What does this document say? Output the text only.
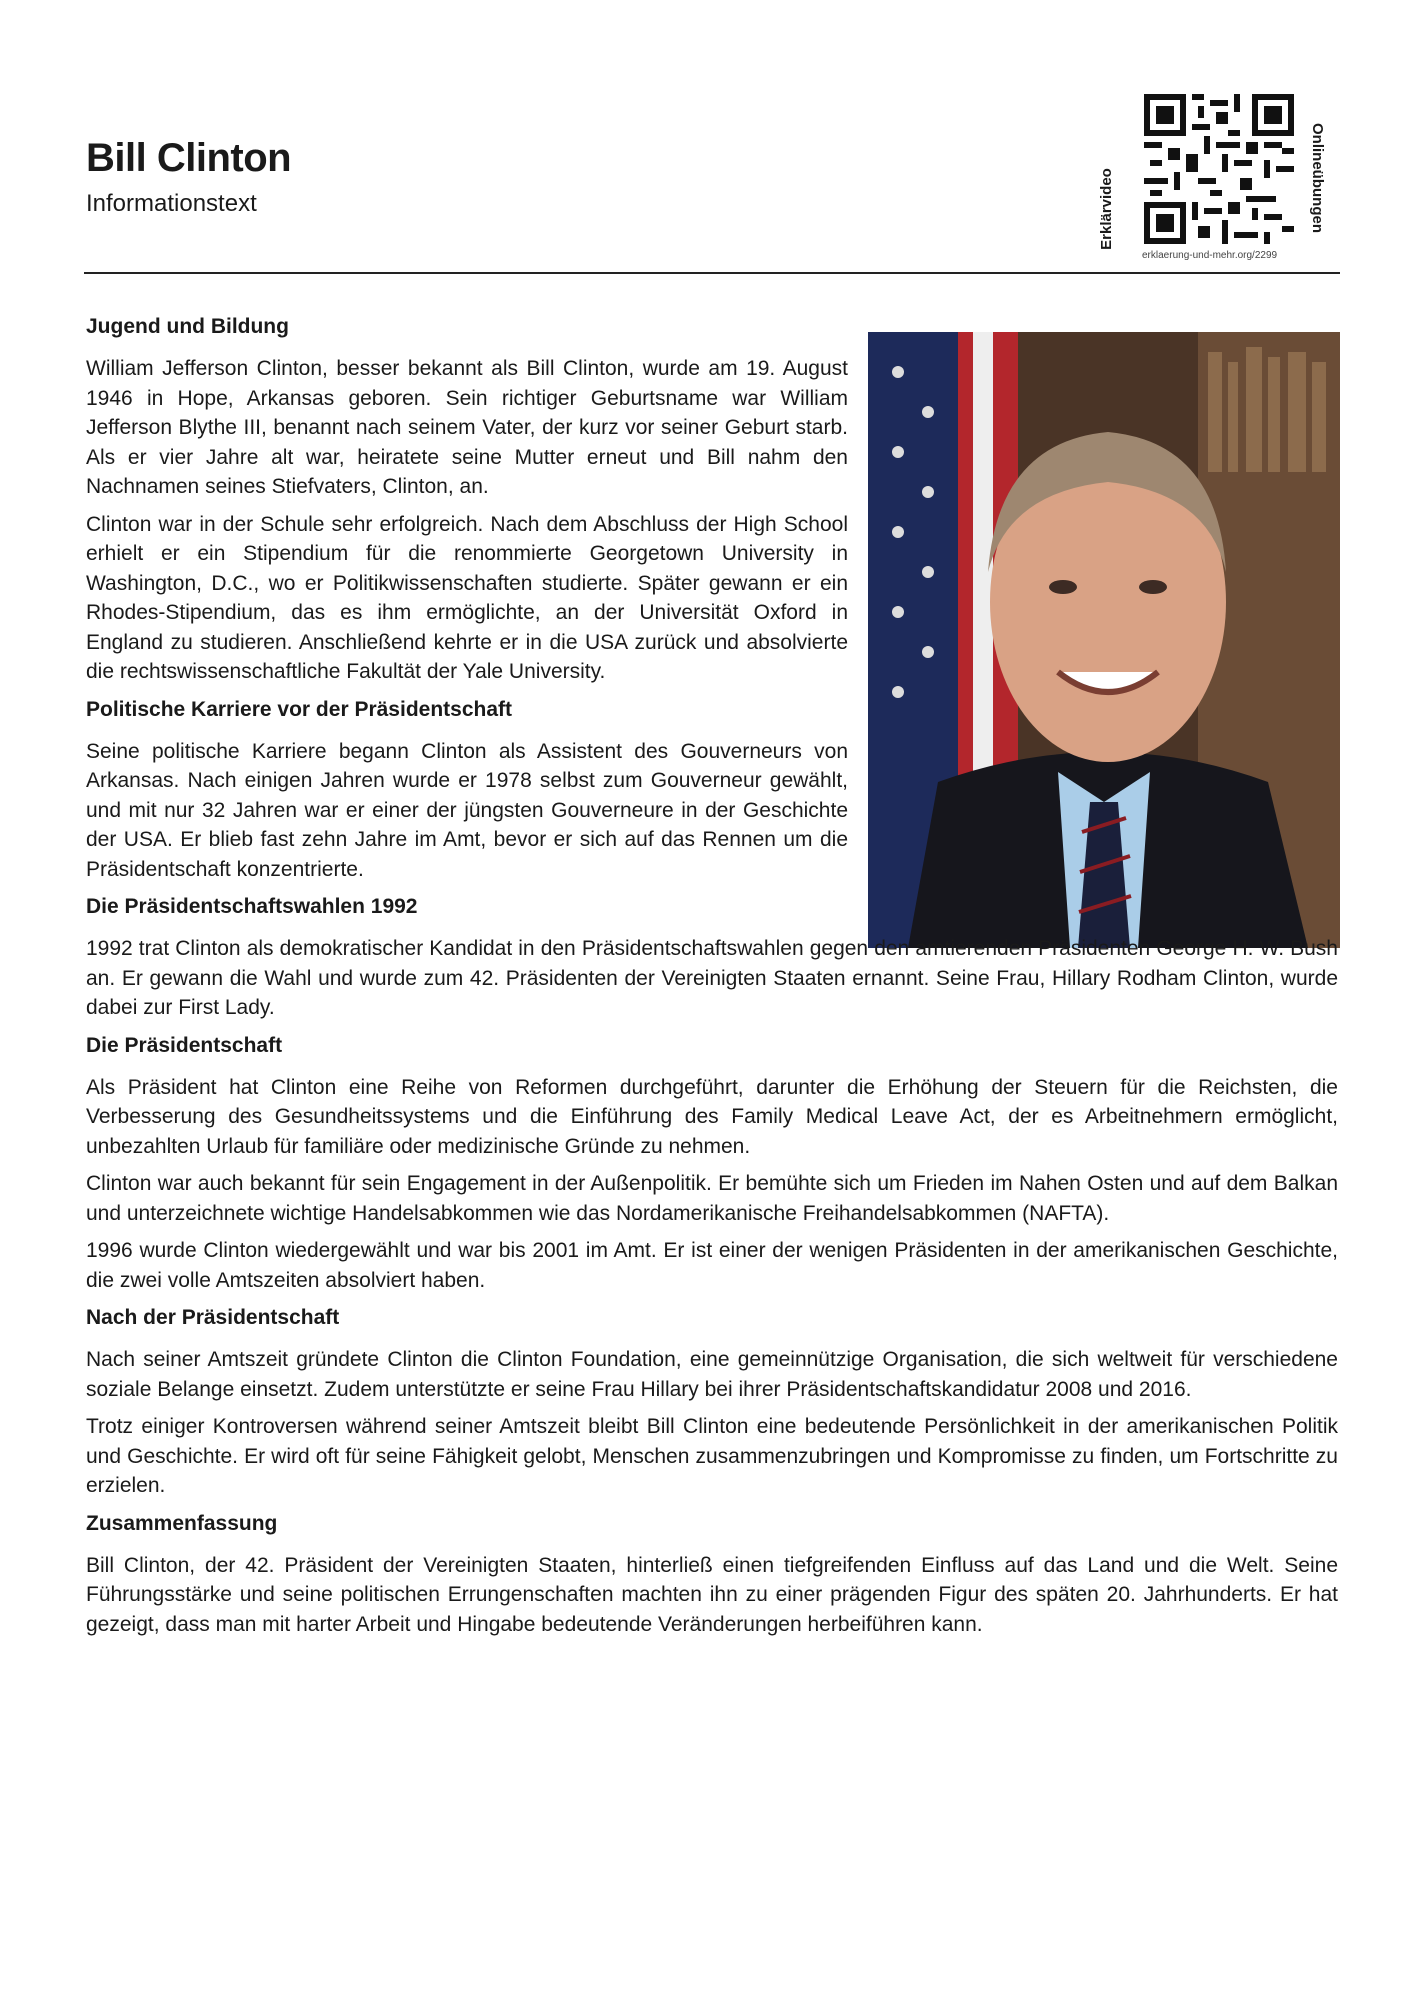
Bill Clinton
Informationstext	Erklärvideo	Onlineübungen
erklaerung-und-mehr.org/2299
Jugend und Bildung

William Jefferson Clinton, besser bekannt als Bill Clinton, wurde am 19. August 1946 in Hope, Arkansas geboren. Sein richtiger Geburtsname war William Jefferson Blythe III, benannt nach seinem Vater, der kurz vor seiner Geburt starb. Als er vier Jahre alt war, heiratete seine Mutter erneut und Bill nahm den Nachnamen seines Stiefvaters, Clinton, an.

Clinton war in der Schule sehr erfolgreich. Nach dem Abschluss der High School erhielt er ein Stipendium für die renommierte Georgetown University in Washington, D.C., wo er Politikwissenschaften studierte. Später gewann er ein Rhodes-Stipendium, das es ihm ermöglichte, an der Universität Oxford in England zu studieren. Anschließend kehrte er in die USA zurück und absolvierte die rechtswissenschaftliche Fakultät der Yale University.

Politische Karriere vor der Präsidentschaft

Seine politische Karriere begann Clinton als Assistent des Gouverneurs von Arkansas. Nach einigen Jahren wurde er 1978 selbst zum Gouverneur gewählt, und mit nur 32 Jahren war er einer der jüngsten Gouverneure in der Geschichte der USA. Er blieb fast zehn Jahre im Amt, bevor er sich auf das Rennen um die Präsidentschaft konzentrierte.

Die Präsidentschaftswahlen 1992

1992 trat Clinton als demokratischer Kandidat in den Präsidentschaftswahlen gegen den amtierenden Präsidenten George H. W. Bush an. Er gewann die Wahl und wurde zum 42. Präsidenten der Vereinigten Staaten ernannt. Seine Frau, Hillary Rodham Clinton, wurde dabei zur First Lady.

Die Präsidentschaft

Als Präsident hat Clinton eine Reihe von Reformen durchgeführt, darunter die Erhöhung der Steuern für die Reichsten, die Verbesserung des Gesundheitssystems und die Einführung des Family Medical Leave Act, der es Arbeitnehmern ermöglicht, unbezahlten Urlaub für familiäre oder medizinische Gründe zu nehmen.

Clinton war auch bekannt für sein Engagement in der Außenpolitik. Er bemühte sich um Frieden im Nahen Osten und auf dem Balkan und unterzeichnete wichtige Handelsabkommen wie das Nordamerikanische Freihandelsabkommen (NAFTA).

1996 wurde Clinton wiedergewählt und war bis 2001 im Amt. Er ist einer der wenigen Präsidenten in der amerikanischen Geschichte, die zwei volle Amtszeiten absolviert haben.

Nach der Präsidentschaft

Nach seiner Amtszeit gründete Clinton die Clinton Foundation, eine gemeinnützige Organisation, die sich weltweit für verschiedene soziale Belange einsetzt. Zudem unterstützte er seine Frau Hillary bei ihrer Präsidentschaftskandidatur 2008 und 2016.

Trotz einiger Kontroversen während seiner Amtszeit bleibt Bill Clinton eine bedeutende Persönlichkeit in der amerikanischen Politik und Geschichte. Er wird oft für seine Fähigkeit gelobt, Menschen zusammenzubringen und Kompromisse zu finden, um Fortschritte zu erzielen.

Zusammenfassung

Bill Clinton, der 42. Präsident der Vereinigten Staaten, hinterließ einen tiefgreifenden Einfluss auf das Land und die Welt. Seine Führungsstärke und seine politischen Errungenschaften machten ihn zu einer prägenden Figur des späten 20. Jahrhunderts. Er hat gezeigt, dass man mit harter Arbeit und Hingabe bedeutende Veränderungen herbeiführen kann.
